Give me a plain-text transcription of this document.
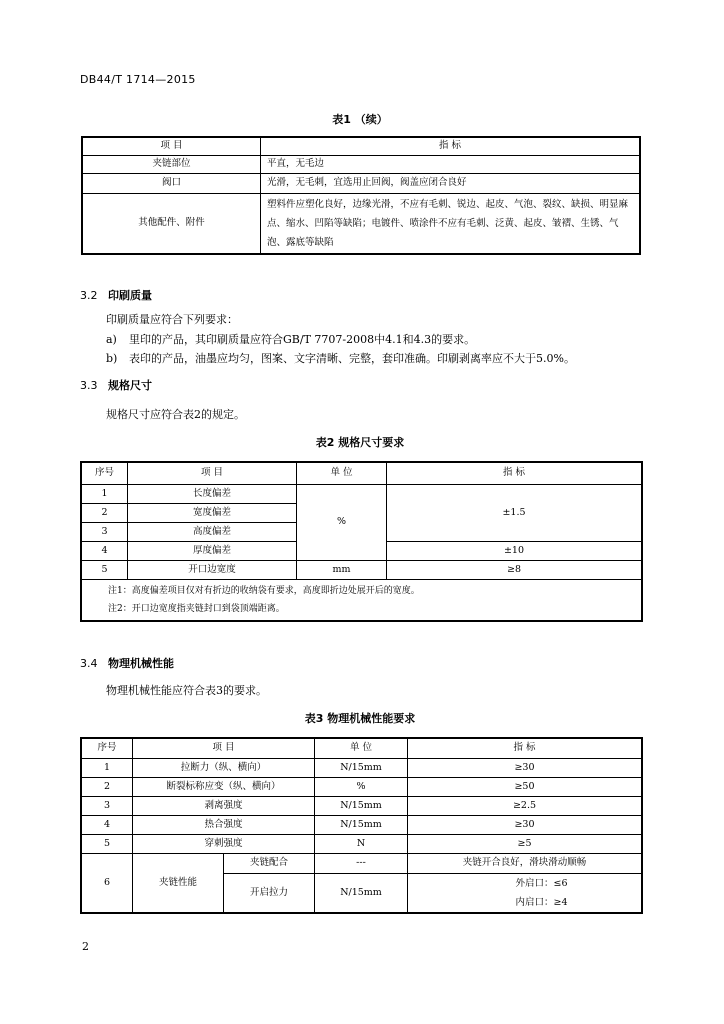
DB44/T 1714—2015
表1 （续）
项 目	指 标
夹链部位	平直，无毛边
阀口	光滑，无毛刺，宜选用止回阀，阀盖应闭合良好
其他配件、附件	塑料件应塑化良好，边缘光滑，不应有毛刺、锐边、起皮、气泡、裂纹、缺损、明显麻点、缩水、凹陷等缺陷；电镀件、喷涂件不应有毛刺、泛黄、起皮、皱褶、生锈、气泡、露底等缺陷
3.2 印刷质量
印刷质量应符合下列要求：
a) 里印的产品，其印刷质量应符合GB/T 7707-2008中4.1和4.3的要求。
b) 表印的产品，油墨应均匀，图案、文字清晰、完整，套印准确。印刷剥离率应不大于5.0%。
3.3 规格尺寸
规格尺寸应符合表2的规定。
表2 规格尺寸要求
序号	项 目	单 位	指 标
1	长度偏差	%	±1.5
2	宽度偏差		
3	高度偏差		
4	厚度偏差		±10
5	开口边宽度	mm	≥8

注1：高度偏差项目仅对有折边的收纳袋有要求，高度即折边处展开后的宽度。
注2：开口边宽度指夹链封口到袋顶端距离。			
3.4 物理机械性能
物理机械性能应符合表3的要求。
表3 物理机械性能要求
序号	项 目		单 位	指 标
1	拉断力（纵、横向）		N/15mm	≥30
2	断裂标称应变（纵、横向）		%	≥50
3	剥离强度		N/15mm	≥2.5
4	热合强度		N/15mm	≥30
5	穿刺强度		N	≥5
6	夹链性能	夹链配合	---	夹链开合良好，滑块滑动顺畅
		开启拉力	N/15mm	外启口：≤6
内启口：≥4
2
